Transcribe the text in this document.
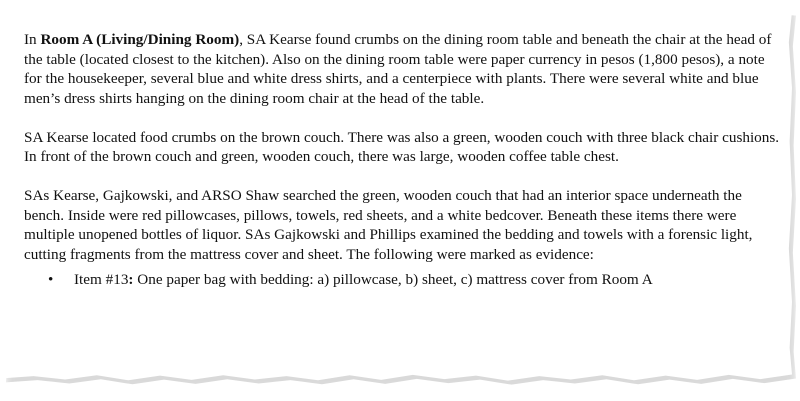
In Room A (Living/Dining Room), SA Kearse found crumbs on the dining room table and beneath the chair at the head of the table (located closest to the kitchen). Also on the dining room table were paper currency in pesos (1,800 pesos), a note for the housekeeper, several blue and white dress shirts, and a centerpiece with plants. There were several white and blue men’s dress shirts hanging on the dining room chair at the head of the table.

SA Kearse located food crumbs on the brown couch. There was also a green, wooden couch with three black chair cushions. In front of the brown couch and green, wooden couch, there was large, wooden coffee table chest.

SAs Kearse, Gajkowski, and ARSO Shaw searched the green, wooden couch that had an interior space underneath the bench. Inside were red pillowcases, pillows, towels, red sheets, and a white bedcover. Beneath these items there were multiple unopened bottles of liquor. SAs Gajkowski and Phillips examined the bedding and towels with a forensic light, cutting fragments from the mattress cover and sheet. The following were marked as evidence:

• Item #13: One paper bag with bedding: a) pillowcase, b) sheet, c) mattress cover from Room A
